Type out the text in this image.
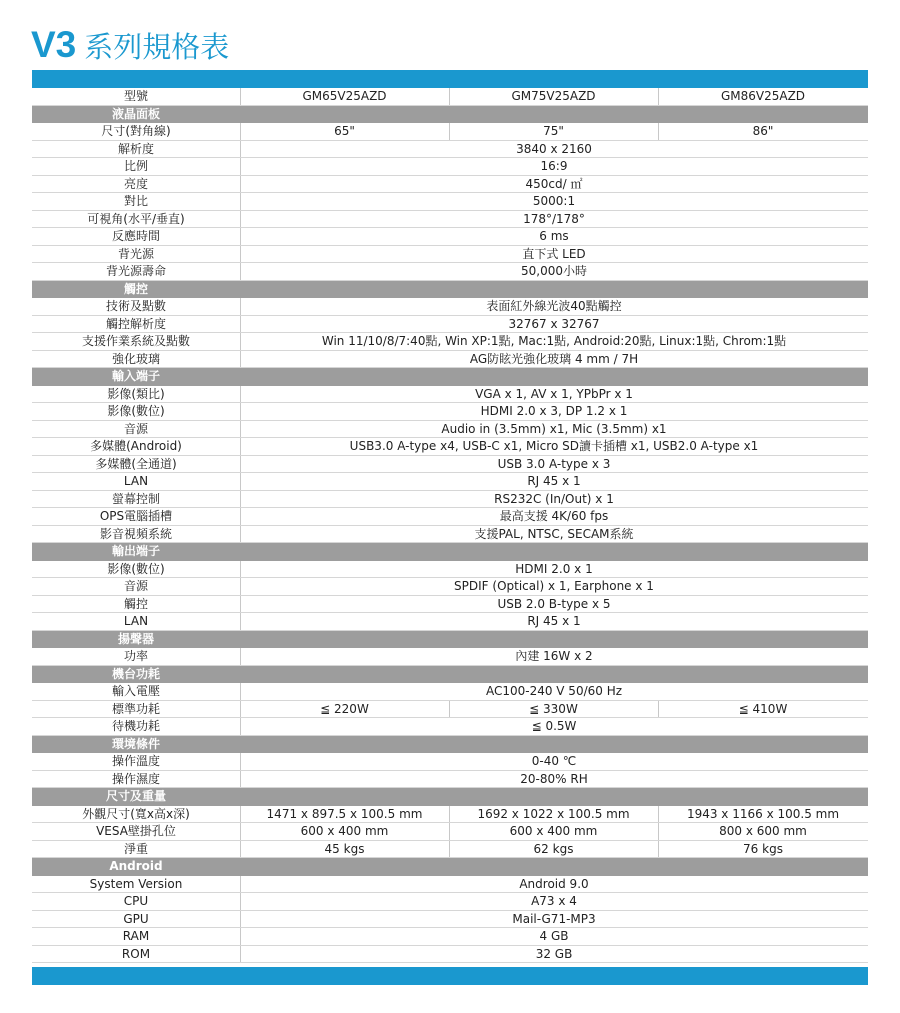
V3 系列規格表
型號	GM65V25AZD	GM75V25AZD	GM86V25AZD
液晶面板
尺寸(對角線)	65"	75"	86"
解析度	3840 x 2160
比例	16:9
亮度	450cd/ ㎡
對比	5000:1
可視角(水平/垂直)	178°/178°
反應時間	6 ms
背光源	直下式 LED
背光源壽命	50,000小時
觸控
技術及點數	表面紅外線光波40點觸控
觸控解析度	32767 x 32767
支援作業系統及點數	Win 11/10/8/7:40點, Win XP:1點, Mac:1點, Android:20點, Linux:1點, Chrom:1點
強化玻璃	AG防眩光強化玻璃 4 mm / 7H
輸入端子
影像(類比)	VGA x 1, AV x 1, YPbPr x 1
影像(數位)	HDMI 2.0 x 3, DP 1.2 x 1
音源	Audio in (3.5mm) x1, Mic (3.5mm) x1
多媒體(Android)	USB3.0 A-type x4, USB-C x1, Micro SD讀卡插槽 x1, USB2.0 A-type x1
多媒體(全通道)	USB 3.0 A-type x 3
LAN	RJ 45 x 1
螢幕控制	RS232C (In/Out) x 1
OPS電腦插槽	最高支援 4K/60 fps
影音視頻系統	支援PAL, NTSC, SECAM系統
輸出端子
影像(數位)	HDMI 2.0 x 1
音源	SPDIF (Optical) x 1, Earphone x 1
觸控	USB 2.0 B-type x 5
LAN	RJ 45 x 1
揚聲器
功率	內建 16W x 2
機台功耗
輸入電壓	AC100-240 V 50/60 Hz
標準功耗	≦ 220W	≦ 330W	≦ 410W
待機功耗	≦ 0.5W
環境條件
操作溫度	0-40 ℃
操作濕度	20-80% RH
尺寸及重量
外觀尺寸(寬x高x深)	1471 x 897.5 x 100.5 mm	1692 x 1022 x 100.5 mm	1943 x 1166 x 100.5 mm
VESA壁掛孔位	600 x 400 mm	600 x 400 mm	800 x 600 mm
淨重	45 kgs	62 kgs	76 kgs
Android
System Version	Android 9.0
CPU	A73 x 4
GPU	Mail-G71-MP3
RAM	4 GB
ROM	32 GB
